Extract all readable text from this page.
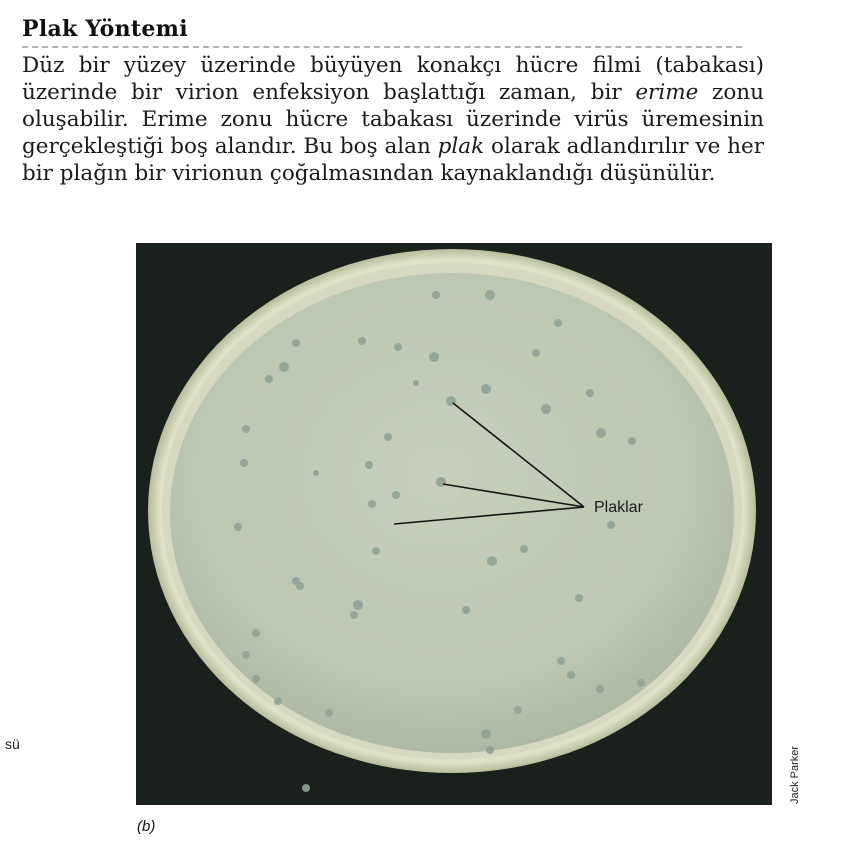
Plak Yöntemi

Düz bir yüzey üzerinde büyüyen konakçı hücre filmi (tabakası) üzerinde bir virion enfeksiyon başlattığı zaman, bir erime zonu oluşabilir. Erime zonu hücre tabakası üzerinde virüs üremesinin gerçekleştiği boş alandır. Bu boş alan plak olarak adlandırılır ve her bir plağın bir virionun çoğalmasından kaynaklandığı düşünülür.

Plaklar
sü
Jack Parker
(b)
